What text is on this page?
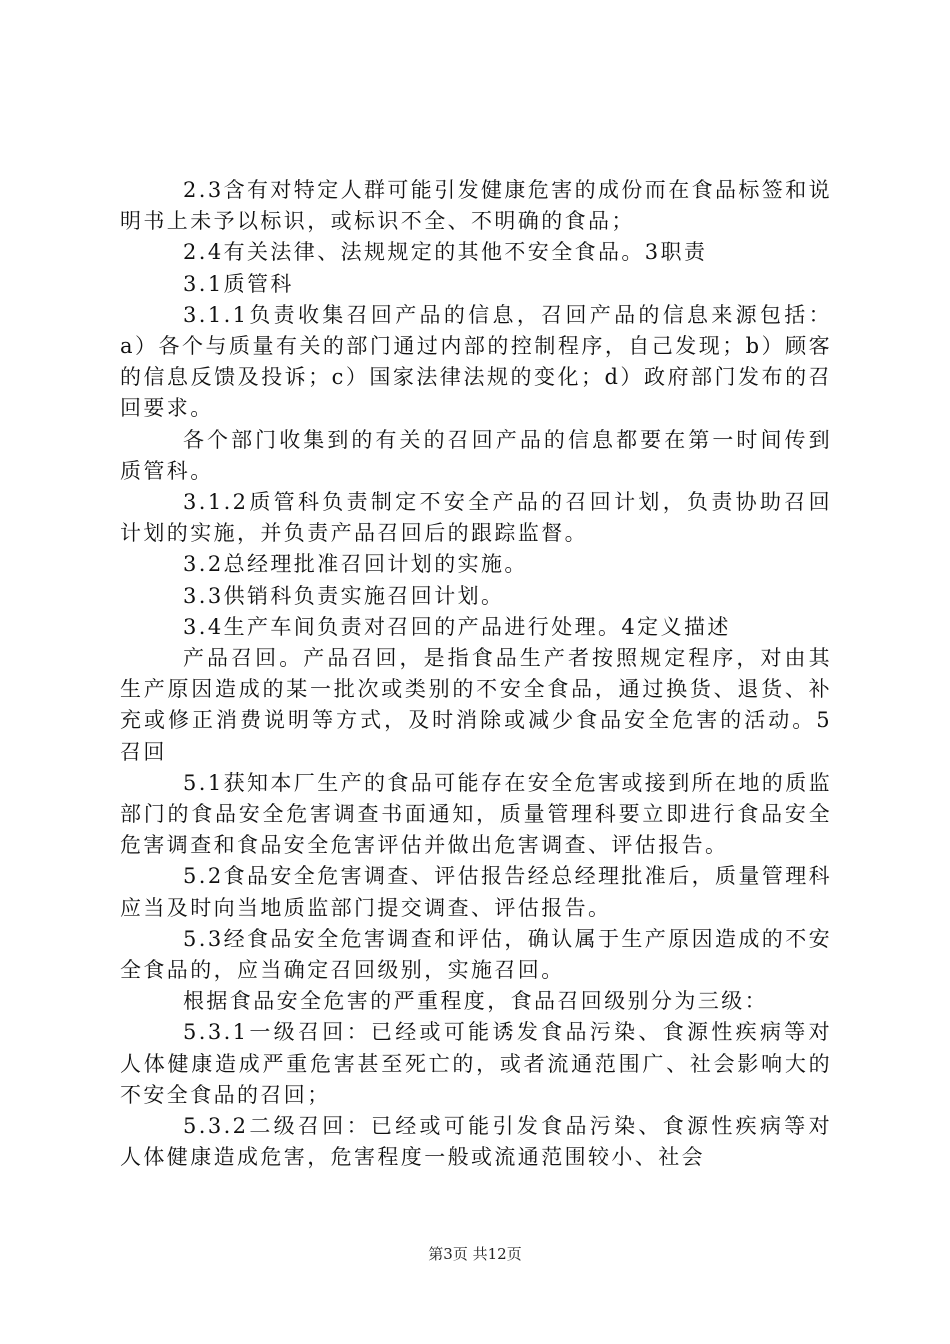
2.3含有对特定人群可能引发健康危害的成份而在食品标签和说明书上未予以标识，或标识不全、不明确的食品；

2.4有关法律、法规规定的其他不安全食品。3职责

3.1质管科

3.1.1负责收集召回产品的信息，召回产品的信息来源包括：a）各个与质量有关的部门通过内部的控制程序，自己发现；b）顾客的信息反馈及投诉；c）国家法律法规的变化；d）政府部门发布的召回要求。

各个部门收集到的有关的召回产品的信息都要在第一时间传到质管科。

3.1.2质管科负责制定不安全产品的召回计划，负责协助召回计划的实施，并负责产品召回后的跟踪监督。

3.2总经理批准召回计划的实施。

3.3供销科负责实施召回计划。

3.4生产车间负责对召回的产品进行处理。4定义描述

产品召回。产品召回，是指食品生产者按照规定程序，对由其生产原因造成的某一批次或类别的不安全食品，通过换货、退货、补充或修正消费说明等方式，及时消除或减少食品安全危害的活动。5召回

5.1获知本厂生产的食品可能存在安全危害或接到所在地的质监部门的食品安全危害调查书面通知，质量管理科要立即进行食品安全危害调查和食品安全危害评估并做出危害调查、评估报告。

5.2食品安全危害调查、评估报告经总经理批准后，质量管理科应当及时向当地质监部门提交调查、评估报告。

5.3经食品安全危害调查和评估，确认属于生产原因造成的不安全食品的，应当确定召回级别，实施召回。

根据食品安全危害的严重程度，食品召回级别分为三级：

5.3.1一级召回：已经或可能诱发食品污染、食源性疾病等对人体健康造成严重危害甚至死亡的，或者流通范围广、社会影响大的不安全食品的召回；

5.3.2二级召回：已经或可能引发食品污染、食源性疾病等对人体健康造成危害，危害程度一般或流通范围较小、社会

第3页 共12页
